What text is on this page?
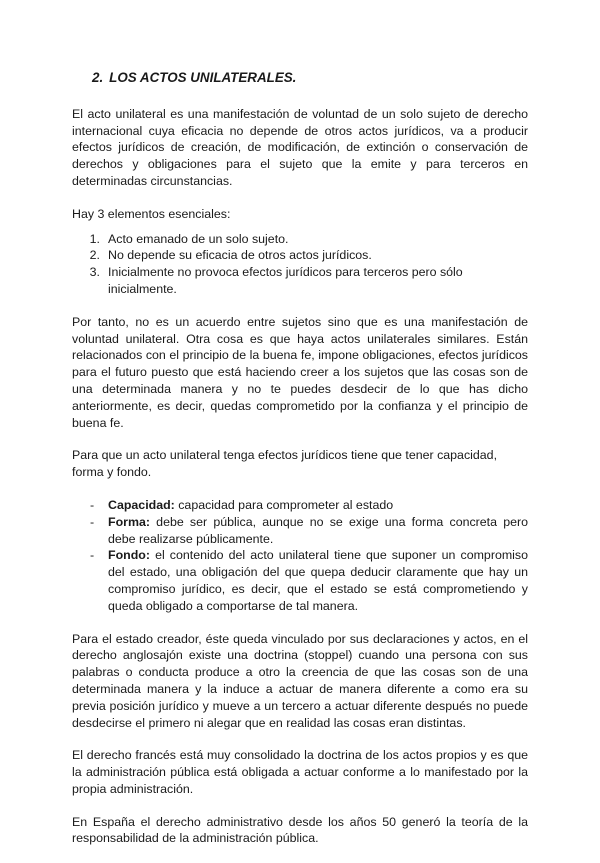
2. LOS ACTOS UNILATERALES.

El acto unilateral es una manifestación de voluntad de un solo sujeto de derecho internacional cuya eficacia no depende de otros actos jurídicos, va a producir efectos jurídicos de creación, de modificación, de extinción o conservación de derechos y obligaciones para el sujeto que la emite y para terceros en determinadas circunstancias.

Hay 3 elementos esenciales:

1. Acto emanado de un solo sujeto.
2. No depende su eficacia de otros actos jurídicos.
3. Inicialmente no provoca efectos jurídicos para terceros pero sólo inicialmente.

Por tanto, no es un acuerdo entre sujetos sino que es una manifestación de voluntad unilateral. Otra cosa es que haya actos unilaterales similares. Están relacionados con el principio de la buena fe, impone obligaciones, efectos jurídicos para el futuro puesto que está haciendo creer a los sujetos que las cosas son de una determinada manera y no te puedes desdecir de lo que has dicho anteriormente, es decir, quedas comprometido por la confianza y el principio de buena fe.

Para que un acto unilateral tenga efectos jurídicos tiene que tener capacidad, forma y fondo.

-	Capacidad: capacidad para comprometer al estado
-	Forma: debe ser pública, aunque no se exige una forma concreta pero debe realizarse públicamente.
-	Fondo: el contenido del acto unilateral tiene que suponer un compromiso del estado, una obligación del que quepa deducir claramente que hay un compromiso jurídico, es decir, que el estado se está comprometiendo y queda obligado a comportarse de tal manera.

Para el estado creador, éste queda vinculado por sus declaraciones y actos, en el derecho anglosajón existe una doctrina (stoppel) cuando una persona con sus palabras o conducta produce a otro la creencia de que las cosas son de una determinada manera y la induce a actuar de manera diferente a como era su previa posición jurídico y mueve a un tercero a actuar diferente después no puede desdecirse el primero ni alegar que en realidad las cosas eran distintas.

El derecho francés está muy consolidado la doctrina de los actos propios y es que la administración pública está obligada a actuar conforme a lo manifestado por la propia administración.

En España el derecho administrativo desde los años 50 generó la teoría de la responsabilidad de la administración pública.
